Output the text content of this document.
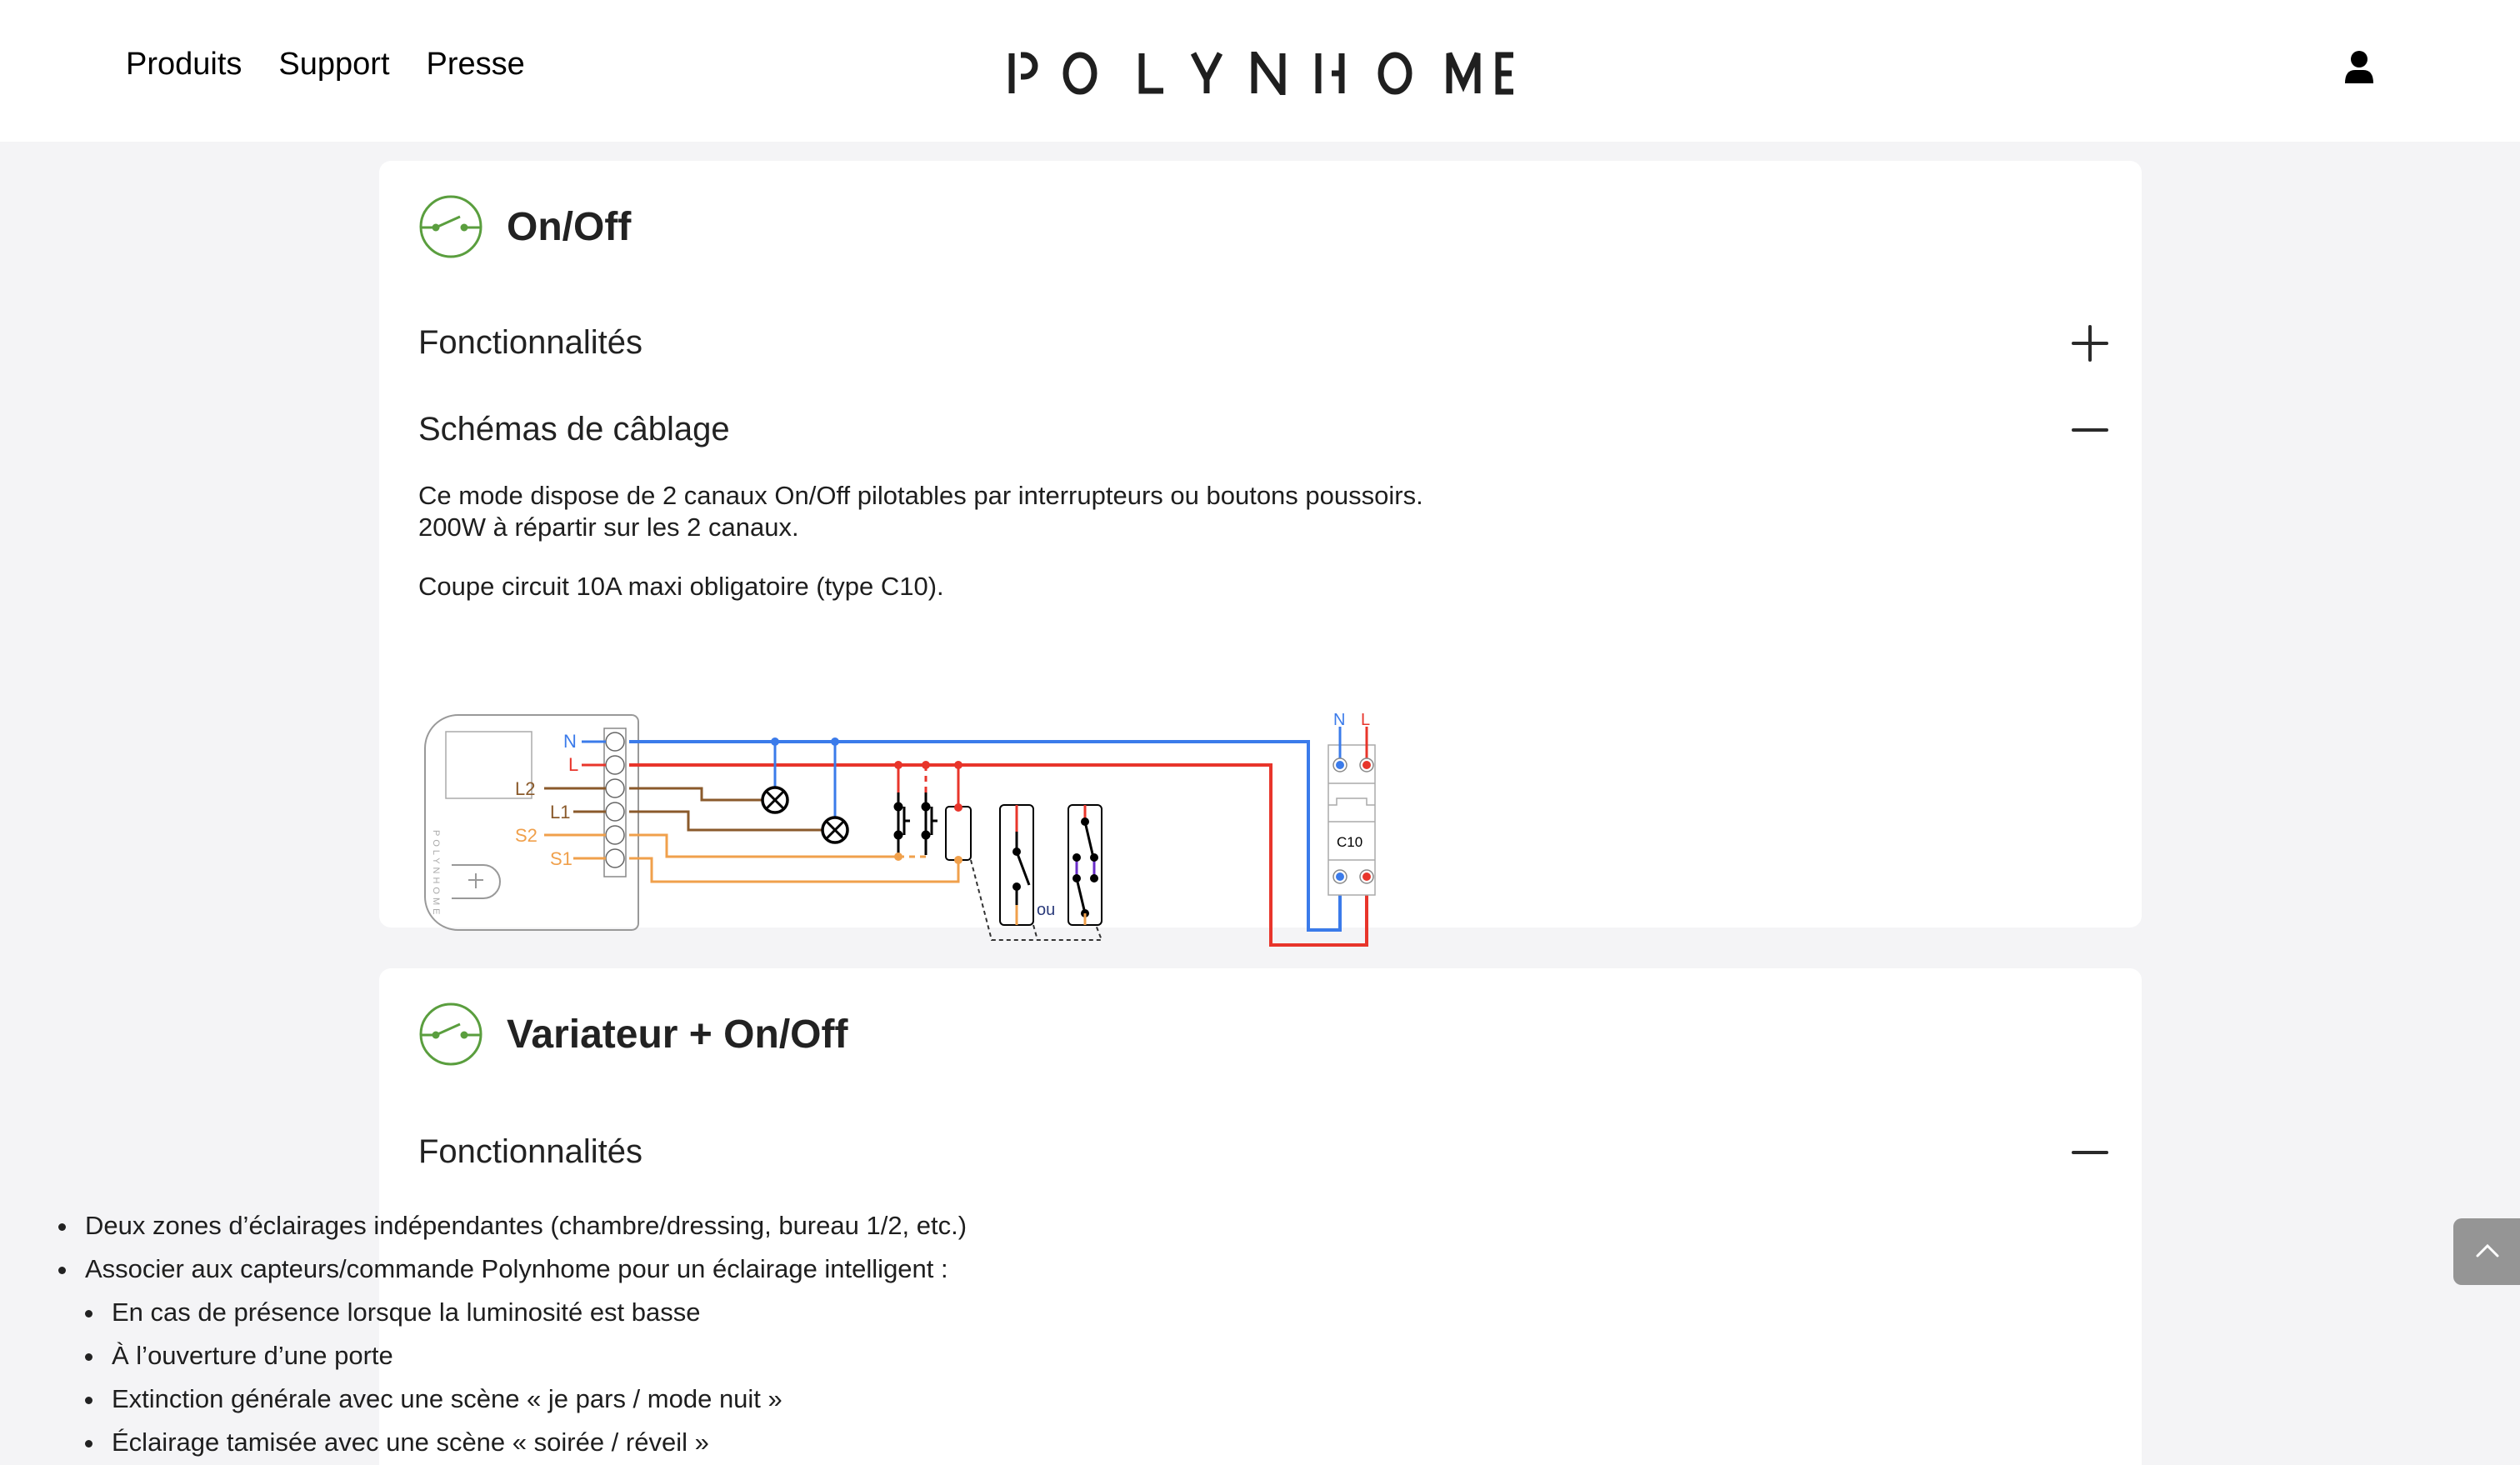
Produits Support Presse
On/Off
Fonctionnalités
Schémas de câblage

Ce mode dispose de 2 canaux On/Off pilotables par interrupteurs ou boutons poussoirs.
200W à répartir sur les 2 canaux.

Coupe circuit 10A maxi obligatoire (type C10).

POLYNHOME
N
L
L2
L1
S2
S1
ou
C10
N L
Variateur + On/Off
Fonctionnalités
Deux zones d’éclairages indépendantes (chambre/dressing, bureau 1/2, etc.)
Associer aux capteurs/commande Polynhome pour un éclairage intelligent :
En cas de présence lorsque la luminosité est basse
À l’ouverture d’une porte
Extinction générale avec une scène « je pars / mode nuit »
Éclairage tamisée avec une scène « soirée / réveil »
